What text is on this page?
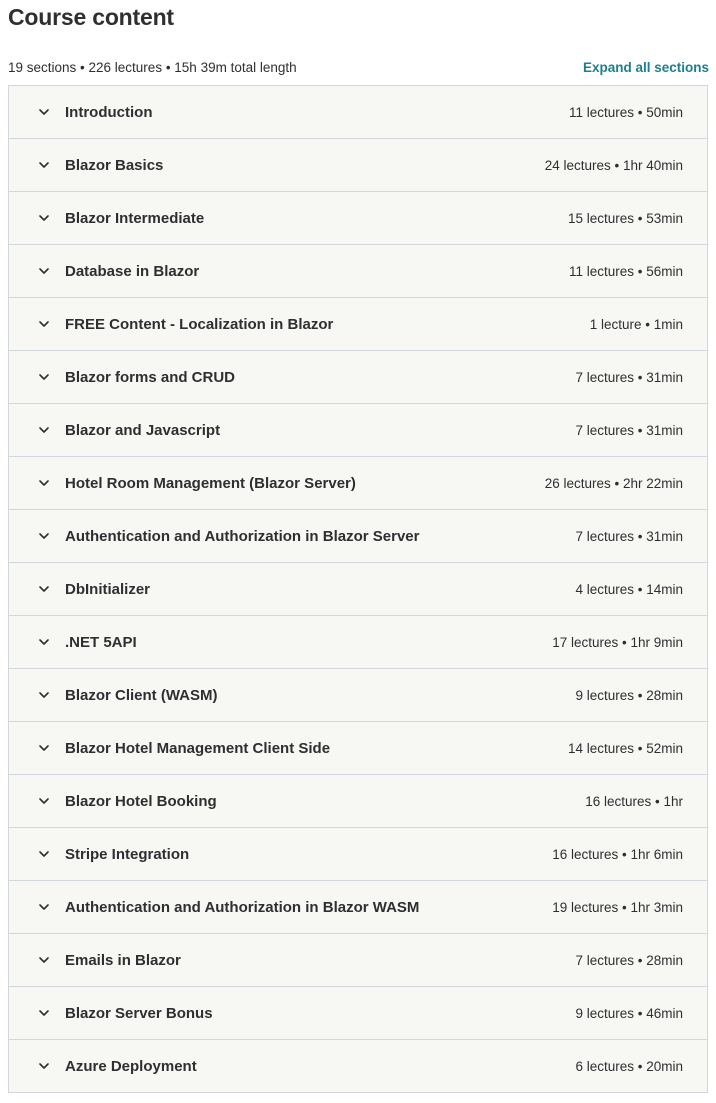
Course content
19 sections • 226 lectures • 15h 39m total length	Expand all sections
Introduction	11 lectures • 50min
Blazor Basics	24 lectures • 1hr 40min
Blazor Intermediate	15 lectures • 53min
Database in Blazor	11 lectures • 56min
FREE Content - Localization in Blazor	1 lecture • 1min
Blazor forms and CRUD	7 lectures • 31min
Blazor and Javascript	7 lectures • 31min
Hotel Room Management (Blazor Server)	26 lectures • 2hr 22min
Authentication and Authorization in Blazor Server	7 lectures • 31min
DbInitializer	4 lectures • 14min
.NET 5API	17 lectures • 1hr 9min
Blazor Client (WASM)	9 lectures • 28min
Blazor Hotel Management Client Side	14 lectures • 52min
Blazor Hotel Booking	16 lectures • 1hr
Stripe Integration	16 lectures • 1hr 6min
Authentication and Authorization in Blazor WASM	19 lectures • 1hr 3min
Emails in Blazor	7 lectures • 28min
Blazor Server Bonus	9 lectures • 46min
Azure Deployment	6 lectures • 20min
